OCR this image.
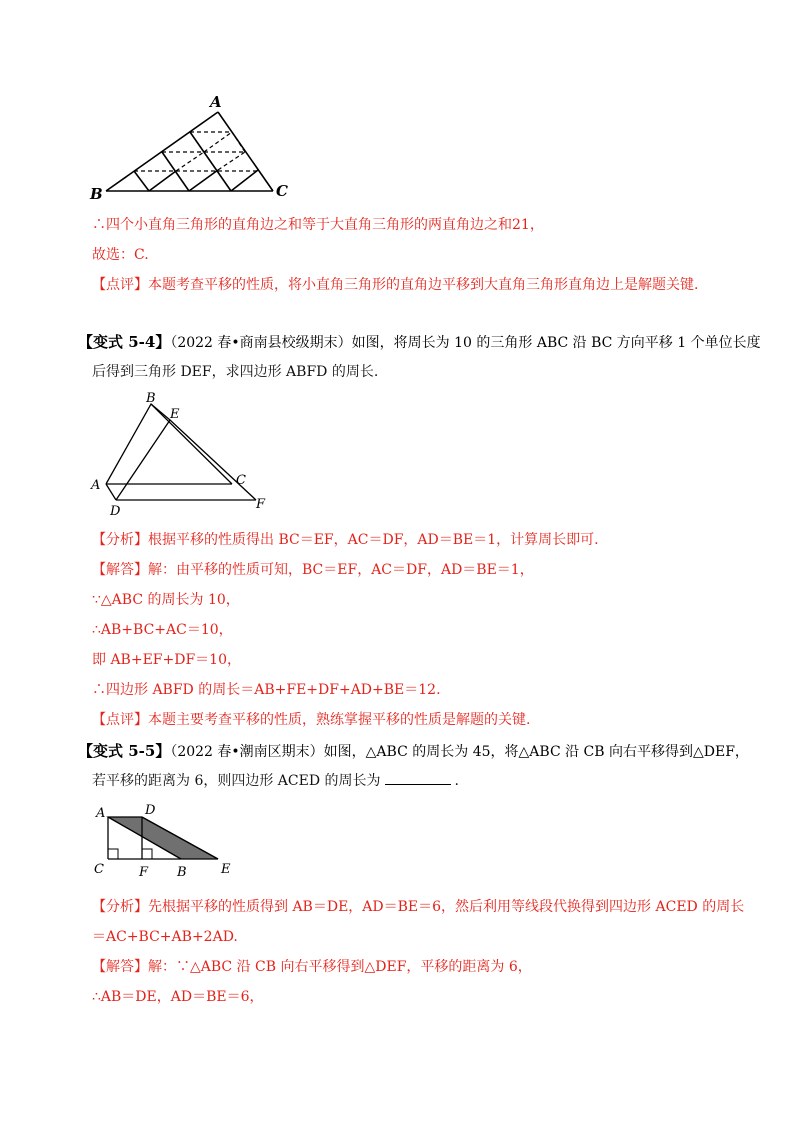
A
B	C
∴四个小直角三角形的直角边之和等于大直角三角形的两直角边之和21，
故选：C.
【点评】本题考查平移的性质，将小直角三角形的直角边平移到大直角三角形直角边上是解题关键.
【变式 5-4】（2022 春•商南县校级期末）如图，将周长为 10 的三角形 ABC 沿 BC 方向平移 1 个单位长度
后得到三角形 DEF，求四边形 ABFD 的周长.
B
E
A	C
D	F
【分析】根据平移的性质得出 BC＝EF，AC＝DF，AD＝BE＝1，计算周长即可.
【解答】解：由平移的性质可知，BC＝EF，AC＝DF，AD＝BE＝1，
∵△ABC 的周长为 10，
∴AB+BC+AC＝10，
即 AB+EF+DF＝10，
∴四边形 ABFD 的周长＝AB+FE+DF+AD+BE＝12.
【点评】本题主要考查平移的性质，熟练掌握平移的性质是解题的关键.
【变式 5-5】（2022 春•潮南区期末）如图，△ABC 的周长为 45，将△ABC 沿 CB 向右平移得到△DEF，
若平移的距离为 6，则四边形 ACED 的周长为	.
A	D
C	F B	E
【分析】先根据平移的性质得到 AB＝DE，AD＝BE＝6，然后利用等线段代换得到四边形 ACED 的周长
＝AC+BC+AB+2AD.
【解答】解：∵△ABC 沿 CB 向右平移得到△DEF，平移的距离为 6，
∴AB＝DE，AD＝BE＝6，
